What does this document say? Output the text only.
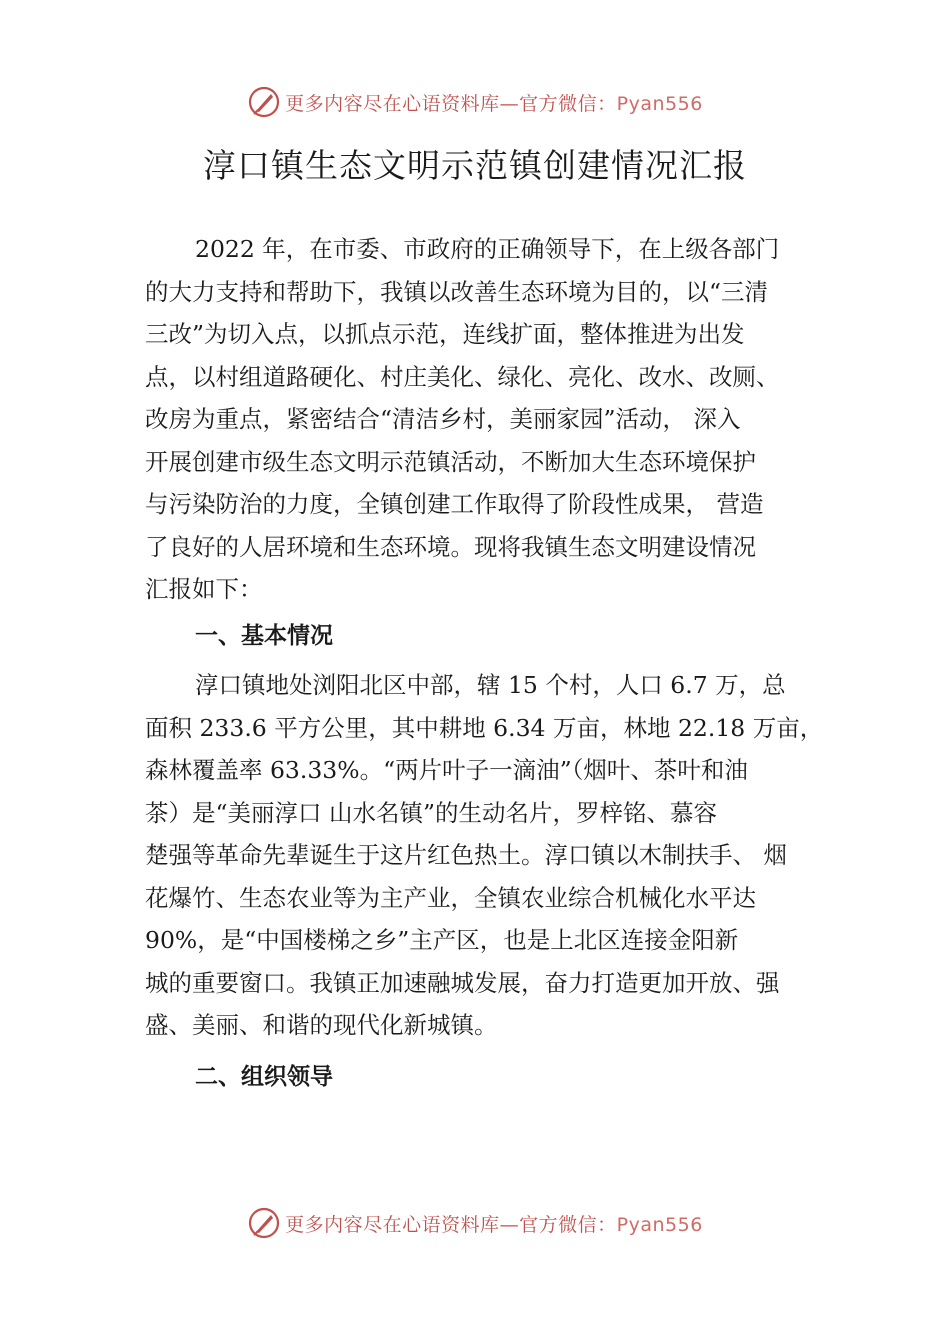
更多内容尽在心语资料库—官方微信：Pyan556
淳口镇生态文明示范镇创建情况汇报

2022 年，在市委、市政府的正确领导下，在上级各部门
的大力支持和帮助下，我镇以改善生态环境为目的，以“三清
三改”为切入点，以抓点示范，连线扩面，整体推进为出发
点，以村组道路硬化、村庄美化、绿化、亮化、改水、改厕、
改房为重点，紧密结合“清洁乡村，美丽家园”活动， 深入
开展创建市级生态文明示范镇活动，不断加大生态环境保护
与污染防治的力度，全镇创建工作取得了阶段性成果， 营造
了良好的人居环境和生态环境。现将我镇生态文明建设情况
汇报如下：

一、基本情况

淳口镇地处浏阳北区中部，辖 15 个村，人口 6.7 万，总
面积 233.6 平方公里，其中耕地 6.34 万亩，林地 22.18 万亩，
森林覆盖率 63.33%。“两片叶子一滴油”（烟叶、茶叶和油
茶）是“美丽淳口 山水名镇”的生动名片，罗梓铭、慕容
楚强等革命先辈诞生于这片红色热土。淳口镇以木制扶手、 烟
花爆竹、生态农业等为主产业，全镇农业综合机械化水平达
90%，是“中国楼梯之乡”主产区，也是上北区连接金阳新
城的重要窗口。我镇正加速融城发展，奋力打造更加开放、强
盛、美丽、和谐的现代化新城镇。

二、组织领导
更多内容尽在心语资料库—官方微信：Pyan556
